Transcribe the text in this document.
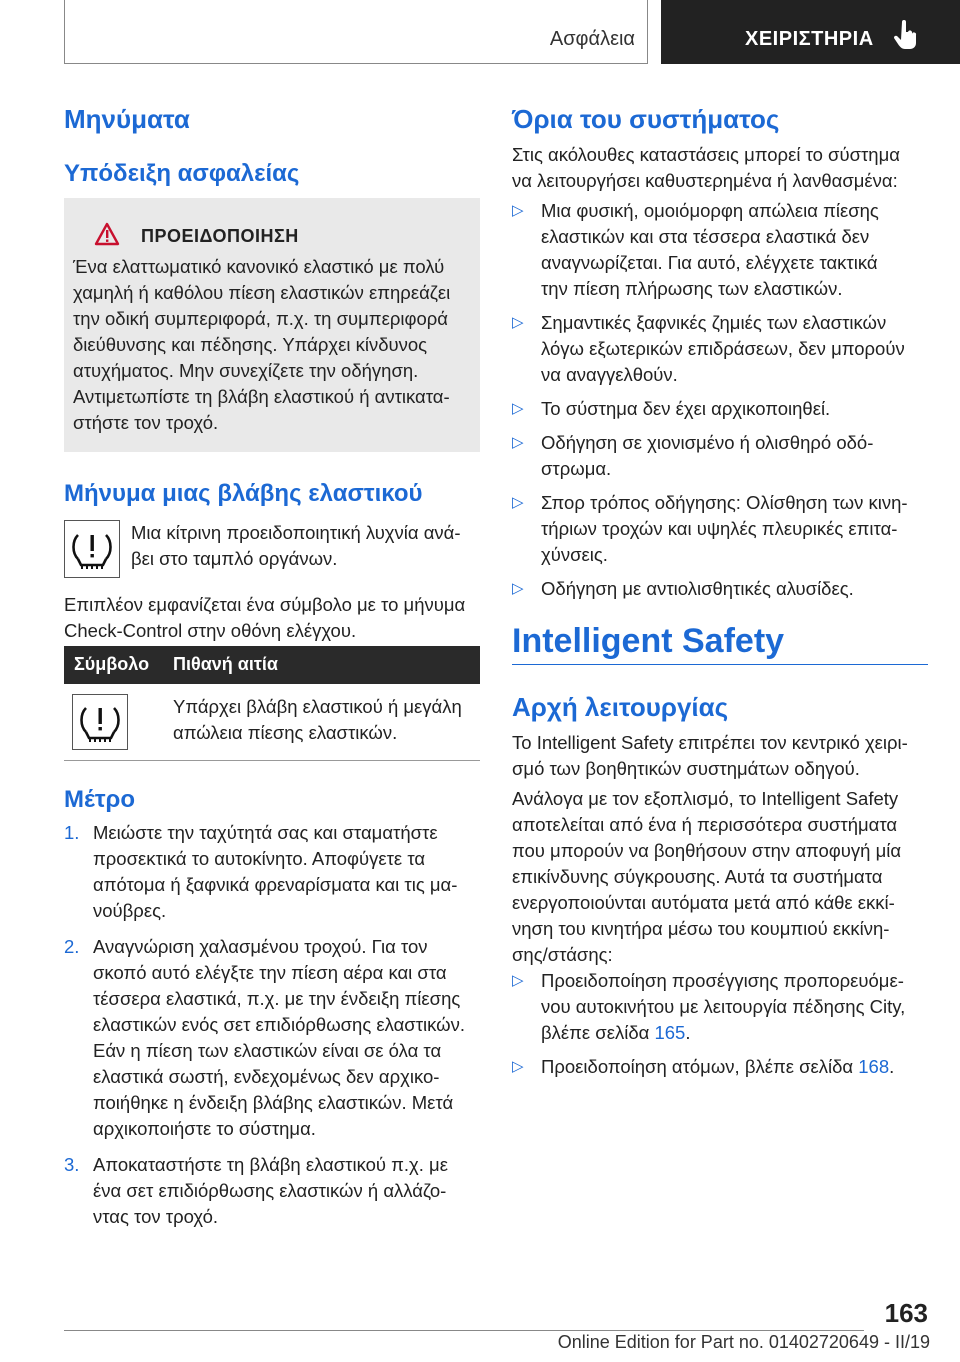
Ασφάλεια	ΧΕΙΡΙΣΤΗΡΙΑ
Μηνύματα
Υπόδειξη ασφαλείας
ΠΡΟΕΙΔΟΠΟΙΗΣΗ
Ένα ελαττωματικό κανονικό ελαστικό με πολύ
χαμηλή ή καθόλου πίεση ελαστικών επηρεάζει
την οδική συμπεριφορά, π.χ. τη συμπεριφορά
διεύθυνσης και πέδησης. Υπάρχει κίνδυνος
ατυχήματος. Μην συνεχίζετε την οδήγηση.
Αντιμετωπίστε τη βλάβη ελαστικού ή αντικατα-
στήστε τον τροχό.
Μήνυμα μιας βλάβης ελαστικού
Μια κίτρινη προειδοποιητική λυχνία ανά-
βει στο ταμπλό οργάνων.
Επιπλέον εμφανίζεται ένα σύμβολο με το μήνυμα
Check-Control στην οθόνη ελέγχου.
Σύμβολο Πιθανή αιτία
Υπάρχει βλάβη ελαστικού ή μεγάλη
απώλεια πίεσης ελαστικών.
Μέτρο
1. Μειώστε την ταχύτητά σας και σταματήστε
προσεκτικά το αυτοκίνητο. Αποφύγετε τα
απότομα ή ξαφνικά φρεναρίσματα και τις μα-
νούβρες.
2. Αναγνώριση χαλασμένου τροχού. Για τον
σκοπό αυτό ελέγξτε την πίεση αέρα και στα
τέσσερα ελαστικά, π.χ. με την ένδειξη πίεσης
ελαστικών ενός σετ επιδιόρθωσης ελαστικών.
Εάν η πίεση των ελαστικών είναι σε όλα τα
ελαστικά σωστή, ενδεχομένως δεν αρχικο-
ποιήθηκε η ένδειξη βλάβης ελαστικών. Μετά
αρχικοποιήστε το σύστημα.
3. Αποκαταστήστε τη βλάβη ελαστικού π.χ. με
ένα σετ επιδιόρθωσης ελαστικών ή αλλάζο-
ντας τον τροχό.
Όρια του συστήματος
Στις ακόλουθες καταστάσεις μπορεί το σύστημα
να λειτουργήσει καθυστερημένα ή λανθασμένα:
▷ Μια φυσική, ομοιόμορφη απώλεια πίεσης
ελαστικών και στα τέσσερα ελαστικά δεν
αναγνωρίζεται. Για αυτό, ελέγχετε τακτικά
την πίεση πλήρωσης των ελαστικών.
▷ Σημαντικές ξαφνικές ζημιές των ελαστικών
λόγω εξωτερικών επιδράσεων, δεν μπορούν
να αναγγελθούν.
▷ Το σύστημα δεν έχει αρχικοποιηθεί.
▷ Οδήγηση σε χιονισμένο ή ολισθηρό οδό-
στρωμα.
▷ Σπορ τρόπος οδήγησης: Ολίσθηση των κινη-
τήριων τροχών και υψηλές πλευρικές επιτα-
χύνσεις.
▷ Οδήγηση με αντιολισθητικές αλυσίδες.
Intelligent Safety
Αρχή λειτουργίας
Το Intelligent Safety επιτρέπει τον κεντρικό χειρι-
σμό των βοηθητικών συστημάτων οδηγού.
Ανάλογα με τον εξοπλισμό, το Intelligent Safety
αποτελείται από ένα ή περισσότερα συστήματα
που μπορούν να βοηθήσουν στην αποφυγή μία
επικίνδυνης σύγκρουσης. Αυτά τα συστήματα
ενεργοποιούνται αυτόματα μετά από κάθε εκκί-
νηση του κινητήρα μέσω του κουμπιού εκκίνη-
σης/στάσης:
▷ Προειδοποίηση προσέγγισης προπορευόμε-
νου αυτοκινήτου με λειτουργία πέδησης City,
βλέπε σελίδα 165.
▷ Προειδοποίηση ατόμων, βλέπε σελίδα 168.
163
Online Edition for Part no. 01402720649 - II/19
